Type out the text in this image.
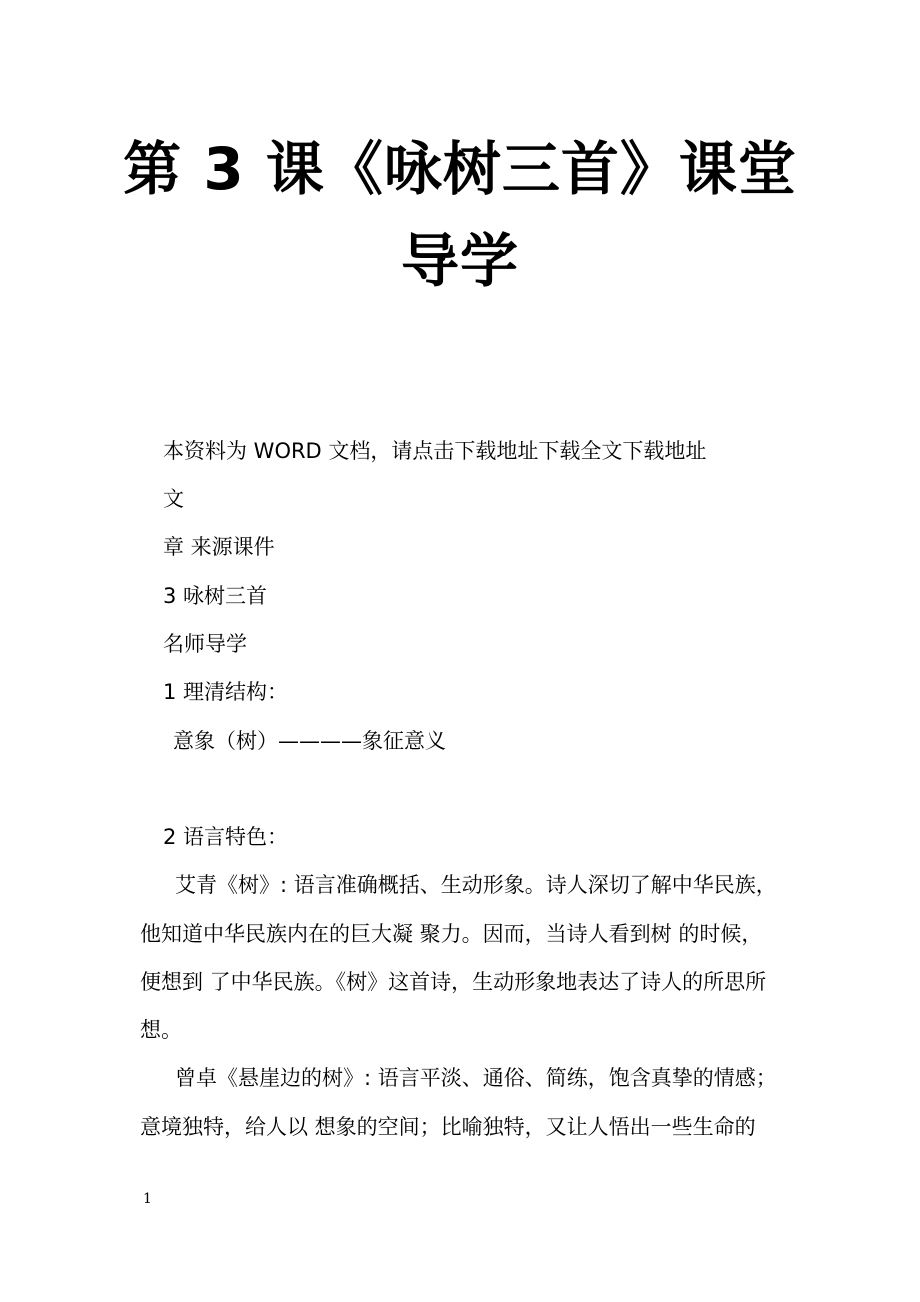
第 3 课《咏树三首》课堂
导学
本资料为 WORD 文档，请点击下载地址下载全文下载地址
文
章 来源课件
3 咏树三首
名师导学
1 理清结构：
意象（树）————象征意义
2 语言特色：
艾青《树》: 语言准确概括、生动形象。诗人深切了解中华民族，
他知道中华民族内在的巨大凝 聚力。因而，当诗人看到树 的时候，
便想到 了中华民族。《树》这首诗，生动形象地表达了诗人的所思所
想。
曾卓《悬崖边的树》: 语言平淡、通俗、简练，饱含真挚的情感；
意境独特，给人以 想象的空间；比喻独特，又让人悟出一些生命的
1
